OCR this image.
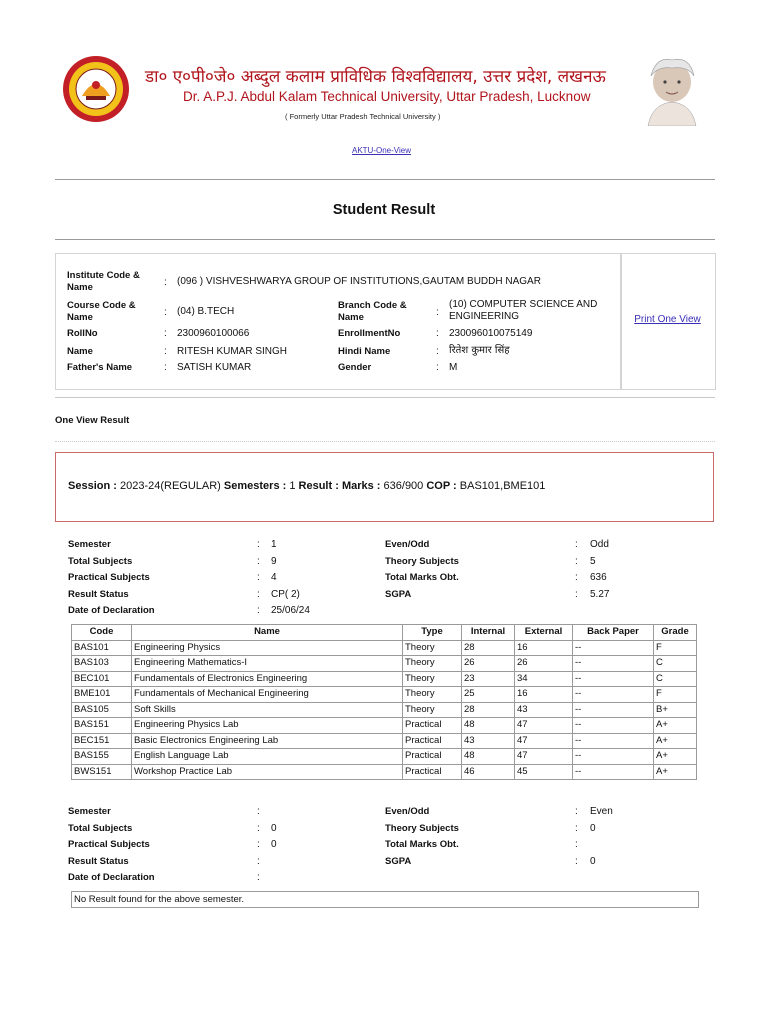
डा० ए०पी०जे० अब्दुल कलाम प्राविधिक विश्वविद्यालय, उत्तर प्रदेश, लखनऊ
Dr. A.P.J. Abdul Kalam Technical University, Uttar Pradesh, Lucknow
( Formerly Uttar Pradesh Technical University )
AKTU-One-View
Student Result
Print One View
Institute Code & Name	: (096 ) VISHVESHWARYA GROUP OF INSTITUTIONS,GAUTAM BUDDH NAGAR
Course Code & Name	: (04) B.TECH
Branch Code & Name	:
(10) COMPUTER SCIENCE AND ENGINEERING
RollNo	: 2300960100066	EnrollmentNo	: 230096010075149
Name	: RITESH KUMAR SINGH	Hindi Name	: रितेश कुमार सिंह
Father's Name	: SATISH KUMAR	Gender	: M
One View Result
Session : 2023-24(REGULAR) Semesters : 1 Result : Marks : 636/900 COP : BAS101,BME101
Semester	: 1	Even/Odd	: Odd
Total Subjects	: 9	Theory Subjects	: 5
Practical Subjects	: 4	Total Marks Obt.	: 636
Result Status	: CP( 2)	SGPA	: 5.27
Date of Declaration	: 25/06/24
Code	Name	Type	Internal	External	Back Paper	Grade
BAS101	Engineering Physics	Theory	28	16	--	F
BAS103	Engineering Mathematics-I	Theory	26	26	--	C
BEC101	Fundamentals of Electronics Engineering	Theory	23	34	--	C
BME101	Fundamentals of Mechanical Engineering	Theory	25	16	--	F
BAS105	Soft Skills	Theory	28	43	--	B+
BAS151	Engineering Physics Lab	Practical	48	47	--	A+
BEC151	Basic Electronics Engineering Lab	Practical	43	47	--	A+
BAS155	English Language Lab	Practical	48	47	--	A+
BWS151	Workshop Practice Lab	Practical	46	45	--	A+
Semester	:	Even/Odd	: Even
Total Subjects	: 0	Theory Subjects	: 0
Practical Subjects	: 0	Total Marks Obt.	:
Result Status	:	SGPA	: 0
Date of Declaration	:
No Result found for the above semester.
